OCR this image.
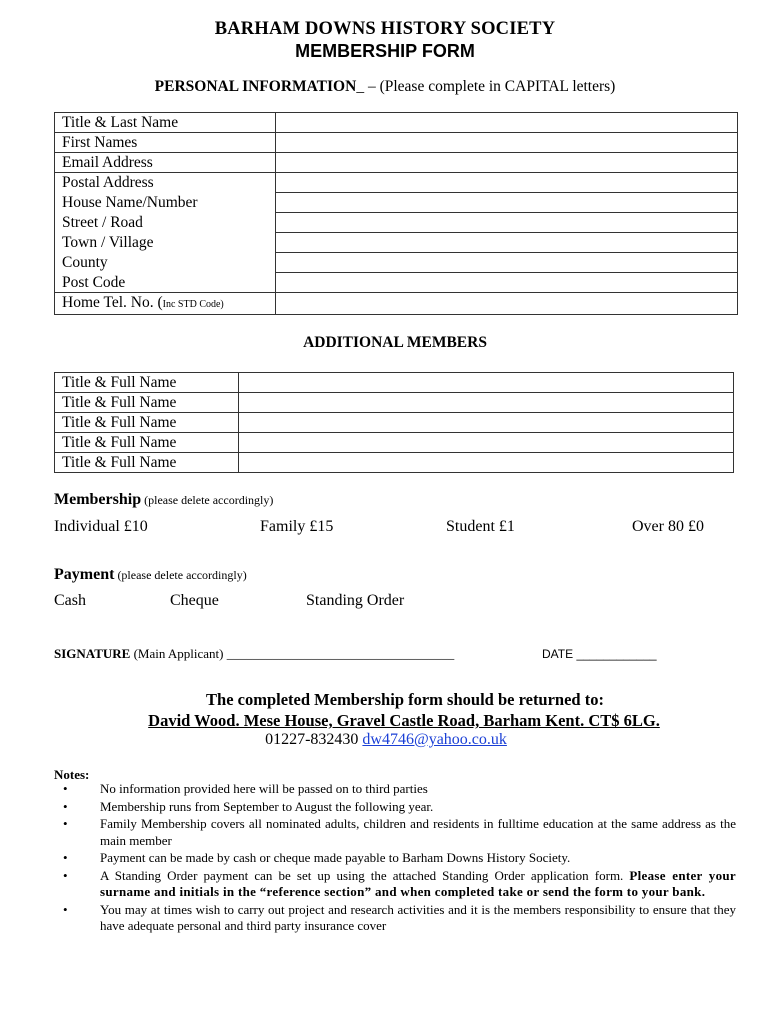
BARHAM DOWNS HISTORY SOCIETY
MEMBERSHIP FORM
PERSONAL INFORMATION_ – (Please complete in CAPITAL letters)
Title & Last Name	
First Names	
Email Address	
Postal Address	
House Name/Number	
Street / Road	
Town / Village	
County	
Post Code	
Home Tel. No. (Inc STD Code)	
ADDITIONAL MEMBERS
Title & Full Name	
Title & Full Name	
Title & Full Name	
Title & Full Name	
Title & Full Name	
Membership (please delete accordingly)
Individual £10	Family £15	Student £1	Over 80 £0
Payment (please delete accordingly)
Cash	Cheque	Standing Order
SIGNATURE (Main Applicant) ___________________________________	DATE ____________
The completed Membership form should be returned to:
David Wood. Mese House, Gravel Castle Road, Barham Kent. CT$ 6LG.
01227-832430 dw4746@yahoo.co.uk
Notes:
• No information provided here will be passed on to third parties
• Membership runs from September to August the following year.
• Family Membership covers all nominated adults, children and residents in fulltime education at the same address as the main member
• Payment can be made by cash or cheque made payable to Barham Downs History Society.
• A Standing Order payment can be set up using the attached Standing Order application form. Please enter your surname and initials in the “reference section” and when completed take or send the form to your bank.
• You may at times wish to carry out project and research activities and it is the members responsibility to ensure that they have adequate personal and third party insurance cover
